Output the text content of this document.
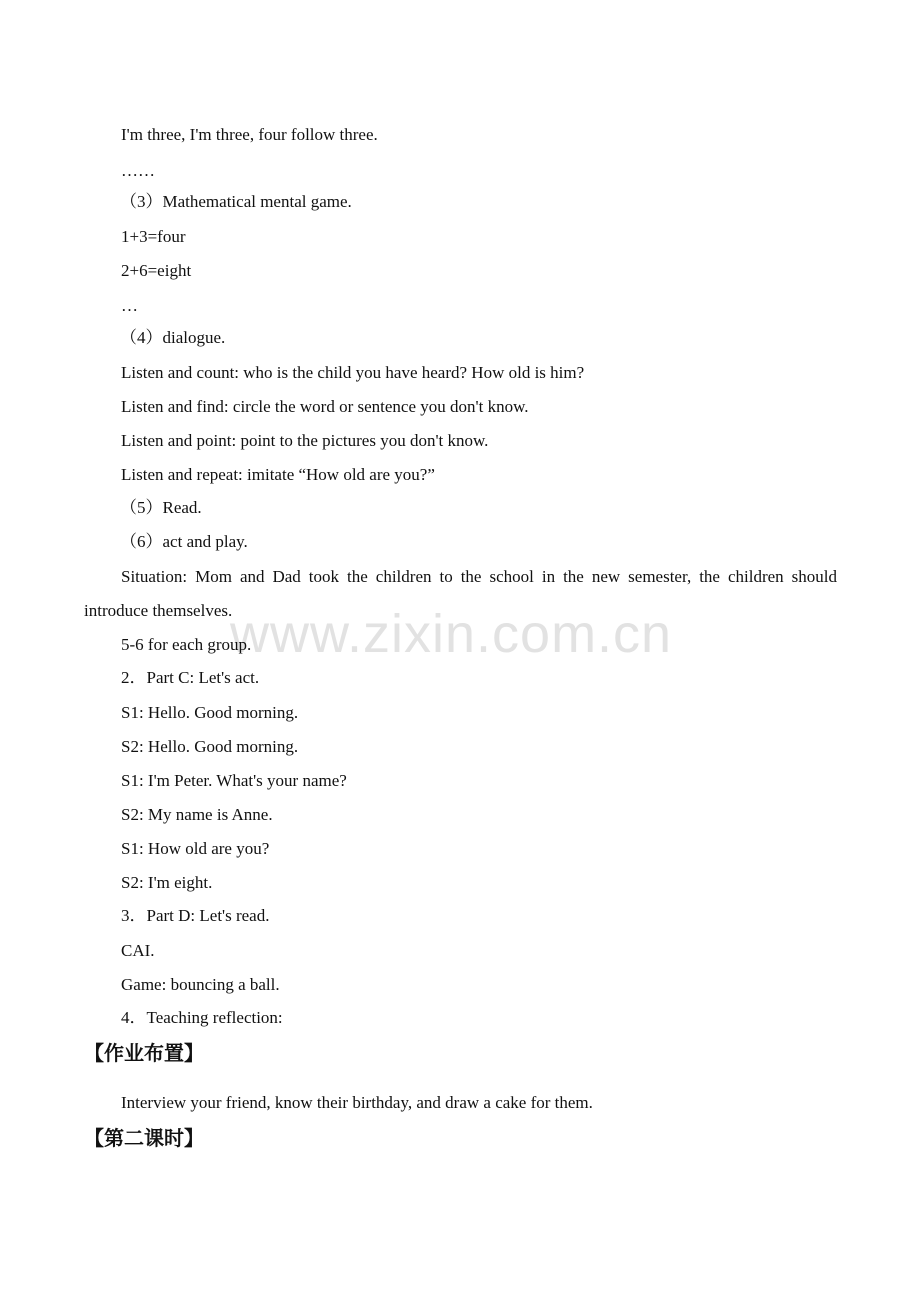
www.zixin.com.cn
I'm three, I'm three, four follow three.
……
（3）Mathematical mental game.
1+3=four
2+6=eight
…
（4）dialogue.
Listen and count: who is the child you have heard? How old is him?
Listen and find: circle the word or sentence you don't know.
Listen and point: point to the pictures you don't know.
Listen and repeat: imitate “How old are you?”
（5）Read.
（6）act and play.
Situation: Mom and Dad took the children to the school in the new semester, the children should introduce themselves.
5-6 for each group.
2．Part C: Let's act.
S1: Hello. Good morning.
S2: Hello. Good morning.
S1: I'm Peter. What's your name?
S2: My name is Anne.
S1: How old are you?
S2: I'm eight.
3．Part D: Let's read.
CAI.
Game: bouncing a ball.
4．Teaching reflection:
【作业布置】
Interview your friend, know their birthday, and draw a cake for them.
【第二课时】
